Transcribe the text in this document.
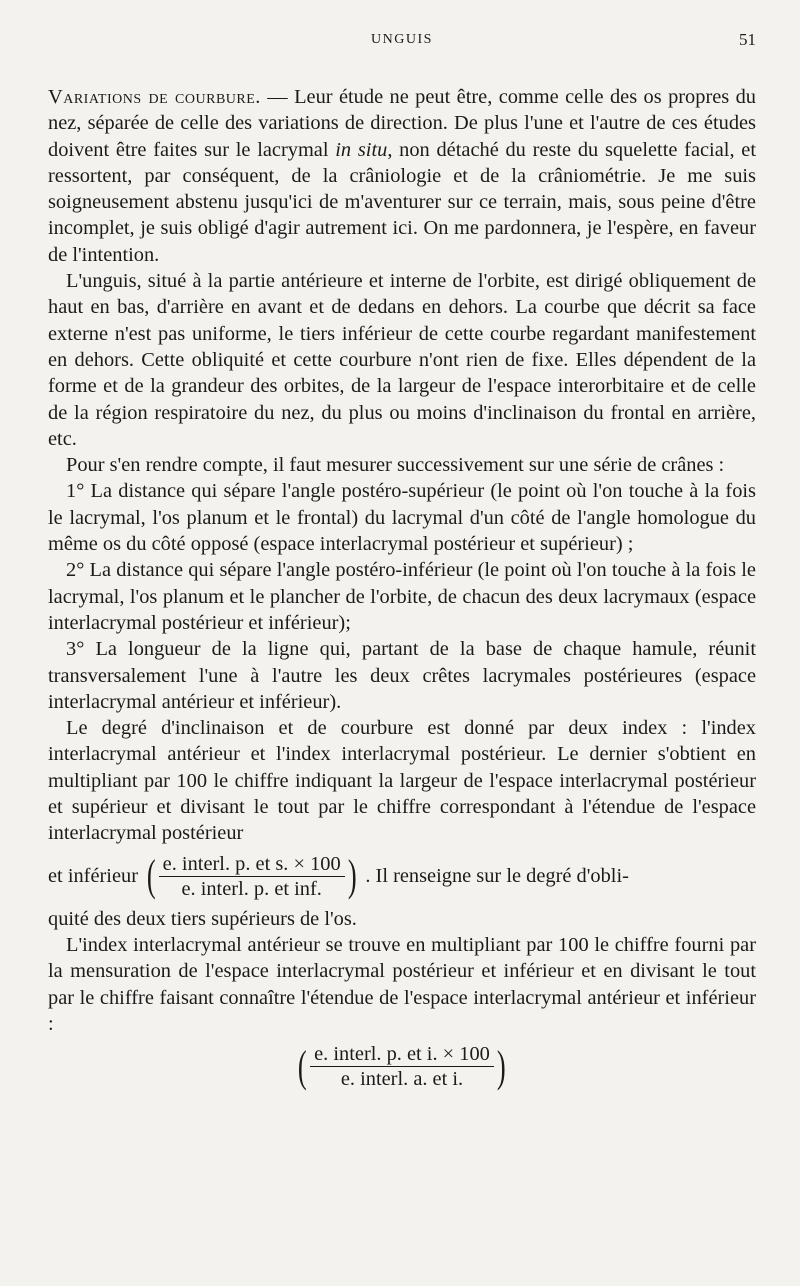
UNGUIS	51

Variations de courbure. — Leur étude ne peut être, comme celle des os propres du nez, séparée de celle des variations de direction. De plus l'une et l'autre de ces études doivent être faites sur le lacrymal in situ, non détaché du reste du squelette facial, et ressortent, par conséquent, de la crâniologie et de la crâniométrie. Je me suis soigneusement abstenu jusqu'ici de m'aventurer sur ce terrain, mais, sous peine d'être incomplet, je suis obligé d'agir autrement ici. On me pardonnera, je l'espère, en faveur de l'intention.

L'unguis, situé à la partie antérieure et interne de l'orbite, est dirigé obliquement de haut en bas, d'arrière en avant et de dedans en dehors. La courbe que décrit sa face externe n'est pas uniforme, le tiers inférieur de cette courbe regardant manifestement en dehors. Cette obliquité et cette courbure n'ont rien de fixe. Elles dépendent de la forme et de la grandeur des orbites, de la largeur de l'espace interorbitaire et de celle de la région respiratoire du nez, du plus ou moins d'inclinaison du frontal en arrière, etc.

Pour s'en rendre compte, il faut mesurer successivement sur une série de crânes :

1° La distance qui sépare l'angle postéro-supérieur (le point où l'on touche à la fois le lacrymal, l'os planum et le frontal) du lacrymal d'un côté de l'angle homologue du même os du côté opposé (espace interlacrymal postérieur et supérieur) ;

2° La distance qui sépare l'angle postéro-inférieur (le point où l'on touche à la fois le lacrymal, l'os planum et le plancher de l'orbite, de chacun des deux lacrymaux (espace interlacrymal postérieur et inférieur);

3° La longueur de la ligne qui, partant de la base de chaque hamule, réunit transversalement l'une à l'autre les deux crêtes lacrymales postérieures (espace interlacrymal antérieur et inférieur).

Le degré d'inclinaison et de courbure est donné par deux index : l'index interlacrymal antérieur et l'index interlacrymal postérieur. Le dernier s'obtient en multipliant par 100 le chiffre indiquant la largeur de l'espace interlacrymal postérieur et supérieur et divisant le tout par le chiffre correspondant à l'étendue de l'espace interlacrymal postérieur

et inférieur ( $\frac{\text{e. interl. p. et s. × 100}}{\text{e. interl. p. et inf.}}$ ) . Il renseigne sur le degré d'obli-

quité des deux tiers supérieurs de l'os.

L'index interlacrymal antérieur se trouve en multipliant par 100 le chiffre fourni par la mensuration de l'espace interlacrymal postérieur et inférieur et en divisant le tout par le chiffre faisant connaître l'étendue de l'espace interlacrymal antérieur et inférieur :

( $\frac{\text{e. interl. p. et i. × 100}}{\text{e. interl. a. et i.}}$ )
